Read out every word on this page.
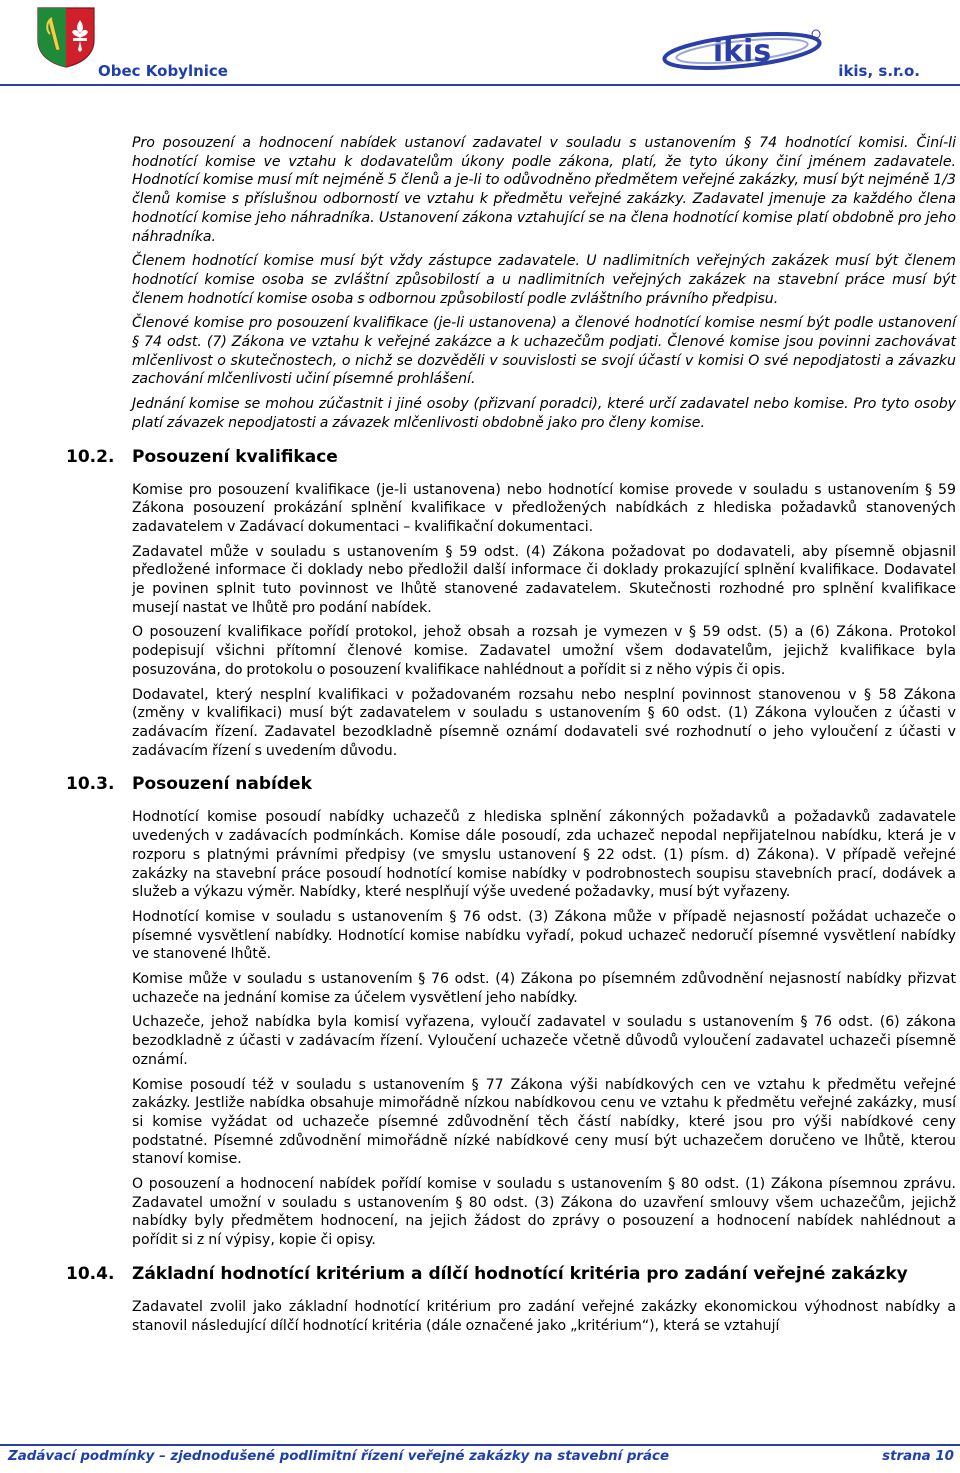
Obec Kobylnice
ikis
ikis, s.r.o.

Pro posouzení a hodnocení nabídek ustanoví zadavatel v souladu s ustanovením § 74 hodnotící komisi. Činí-li hodnotící komise ve vztahu k dodavatelům úkony podle zákona, platí, že tyto úkony činí jménem zadavatele. Hodnotící komise musí mít nejméně 5 členů a je-li to odůvodněno předmětem veřejné zakázky, musí být nejméně 1/3 členů komise s příslušnou odborností ve vztahu k předmětu veřejné zakázky. Zadavatel jmenuje za každého člena hodnotící komise jeho náhradníka. Ustanovení zákona vztahující se na člena hodnotící komise platí obdobně pro jeho náhradníka.

Členem hodnotící komise musí být vždy zástupce zadavatele. U nadlimitních veřejných zakázek musí být členem hodnotící komise osoba se zvláštní způsobilostí a u nadlimitních veřejných zakázek na stavební práce musí být členem hodnotící komise osoba s odbornou způsobilostí podle zvláštního právního předpisu.

Členové komise pro posouzení kvalifikace (je-li ustanovena) a členové hodnotící komise nesmí být podle ustanovení § 74 odst. (7) Zákona ve vztahu k veřejné zakázce a k uchazečům podjati. Členové komise jsou povinni zachovávat mlčenlivost o skutečnostech, o nichž se dozvěděli v souvislosti se svojí účastí v komisi O své nepodjatosti a závazku zachování mlčenlivosti učiní písemné prohlášení.

Jednání komise se mohou zúčastnit i jiné osoby (přizvaní poradci), které určí zadavatel nebo komise. Pro tyto osoby platí závazek nepodjatosti a závazek mlčenlivosti obdobně jako pro členy komise.

10.2. Posouzení kvalifikace

Komise pro posouzení kvalifikace (je-li ustanovena) nebo hodnotící komise provede v souladu s ustanovením § 59 Zákona posouzení prokázání splnění kvalifikace v předložených nabídkách z hlediska požadavků stanovených zadavatelem v Zadávací dokumentaci – kvalifikační dokumentaci.

Zadavatel může v souladu s ustanovením § 59 odst. (4) Zákona požadovat po dodavateli, aby písemně objasnil předložené informace či doklady nebo předložil další informace či doklady prokazující splnění kvalifikace. Dodavatel je povinen splnit tuto povinnost ve lhůtě stanovené zadavatelem. Skutečnosti rozhodné pro splnění kvalifikace musejí nastat ve lhůtě pro podání nabídek.

O posouzení kvalifikace pořídí protokol, jehož obsah a rozsah je vymezen v § 59 odst. (5) a (6) Zákona. Protokol podepisují všichni přítomní členové komise. Zadavatel umožní všem dodavatelům, jejichž kvalifikace byla posuzována, do protokolu o posouzení kvalifikace nahlédnout a pořídit si z něho výpis či opis.

Dodavatel, který nesplní kvalifikaci v požadovaném rozsahu nebo nesplní povinnost stanovenou v § 58 Zákona (změny v kvalifikaci) musí být zadavatelem v souladu s ustanovením § 60 odst. (1) Zákona vyloučen z účasti v zadávacím řízení. Zadavatel bezodkladně písemně oznámí dodavateli své rozhodnutí o jeho vyloučení z účasti v zadávacím řízení s uvedením důvodu.

10.3. Posouzení nabídek

Hodnotící komise posoudí nabídky uchazečů z hlediska splnění zákonných požadavků a požadavků zadavatele uvedených v zadávacích podmínkách. Komise dále posoudí, zda uchazeč nepodal nepřijatelnou nabídku, která je v rozporu s platnými právními předpisy (ve smyslu ustanovení § 22 odst. (1) písm. d) Zákona). V případě veřejné zakázky na stavební práce posoudí hodnotící komise nabídky v podrobnostech soupisu stavebních prací, dodávek a služeb a výkazu výměr. Nabídky, které nesplňují výše uvedené požadavky, musí být vyřazeny.

Hodnotící komise v souladu s ustanovením § 76 odst. (3) Zákona může v případě nejasností požádat uchazeče o písemné vysvětlení nabídky. Hodnotící komise nabídku vyřadí, pokud uchazeč nedoručí písemné vysvětlení nabídky ve stanovené lhůtě.

Komise může v souladu s ustanovením § 76 odst. (4) Zákona po písemném zdůvodnění nejasností nabídky přizvat uchazeče na jednání komise za účelem vysvětlení jeho nabídky.

Uchazeče, jehož nabídka byla komisí vyřazena, vyloučí zadavatel v souladu s ustanovením § 76 odst. (6) zákona bezodkladně z účasti v zadávacím řízení. Vyloučení uchazeče včetně důvodů vyloučení zadavatel uchazeči písemně oznámí.

Komise posoudí též v souladu s ustanovením § 77 Zákona výši nabídkových cen ve vztahu k předmětu veřejné zakázky. Jestliže nabídka obsahuje mimořádně nízkou nabídkovou cenu ve vztahu k předmětu veřejné zakázky, musí si komise vyžádat od uchazeče písemné zdůvodnění těch částí nabídky, které jsou pro výši nabídkové ceny podstatné. Písemné zdůvodnění mimořádně nízké nabídkové ceny musí být uchazečem doručeno ve lhůtě, kterou stanoví komise.

O posouzení a hodnocení nabídek pořídí komise v souladu s ustanovením § 80 odst. (1) Zákona písemnou zprávu. Zadavatel umožní v souladu s ustanovením § 80 odst. (3) Zákona do uzavření smlouvy všem uchazečům, jejichž nabídky byly předmětem hodnocení, na jejich žádost do zprávy o posouzení a hodnocení nabídek nahlédnout a pořídit si z ní výpisy, kopie či opisy.

10.4. Základní hodnotící kritérium a dílčí hodnotící kritéria pro zadání veřejné zakázky

Zadavatel zvolil jako základní hodnotící kritérium pro zadání veřejné zakázky ekonomickou výhodnost nabídky a stanovil následující dílčí hodnotící kritéria (dále označené jako „kritérium“), která se vztahují

Zadávací podmínky – zjednodušené podlimitní řízení veřejné zakázky na stavební práce	strana 10
